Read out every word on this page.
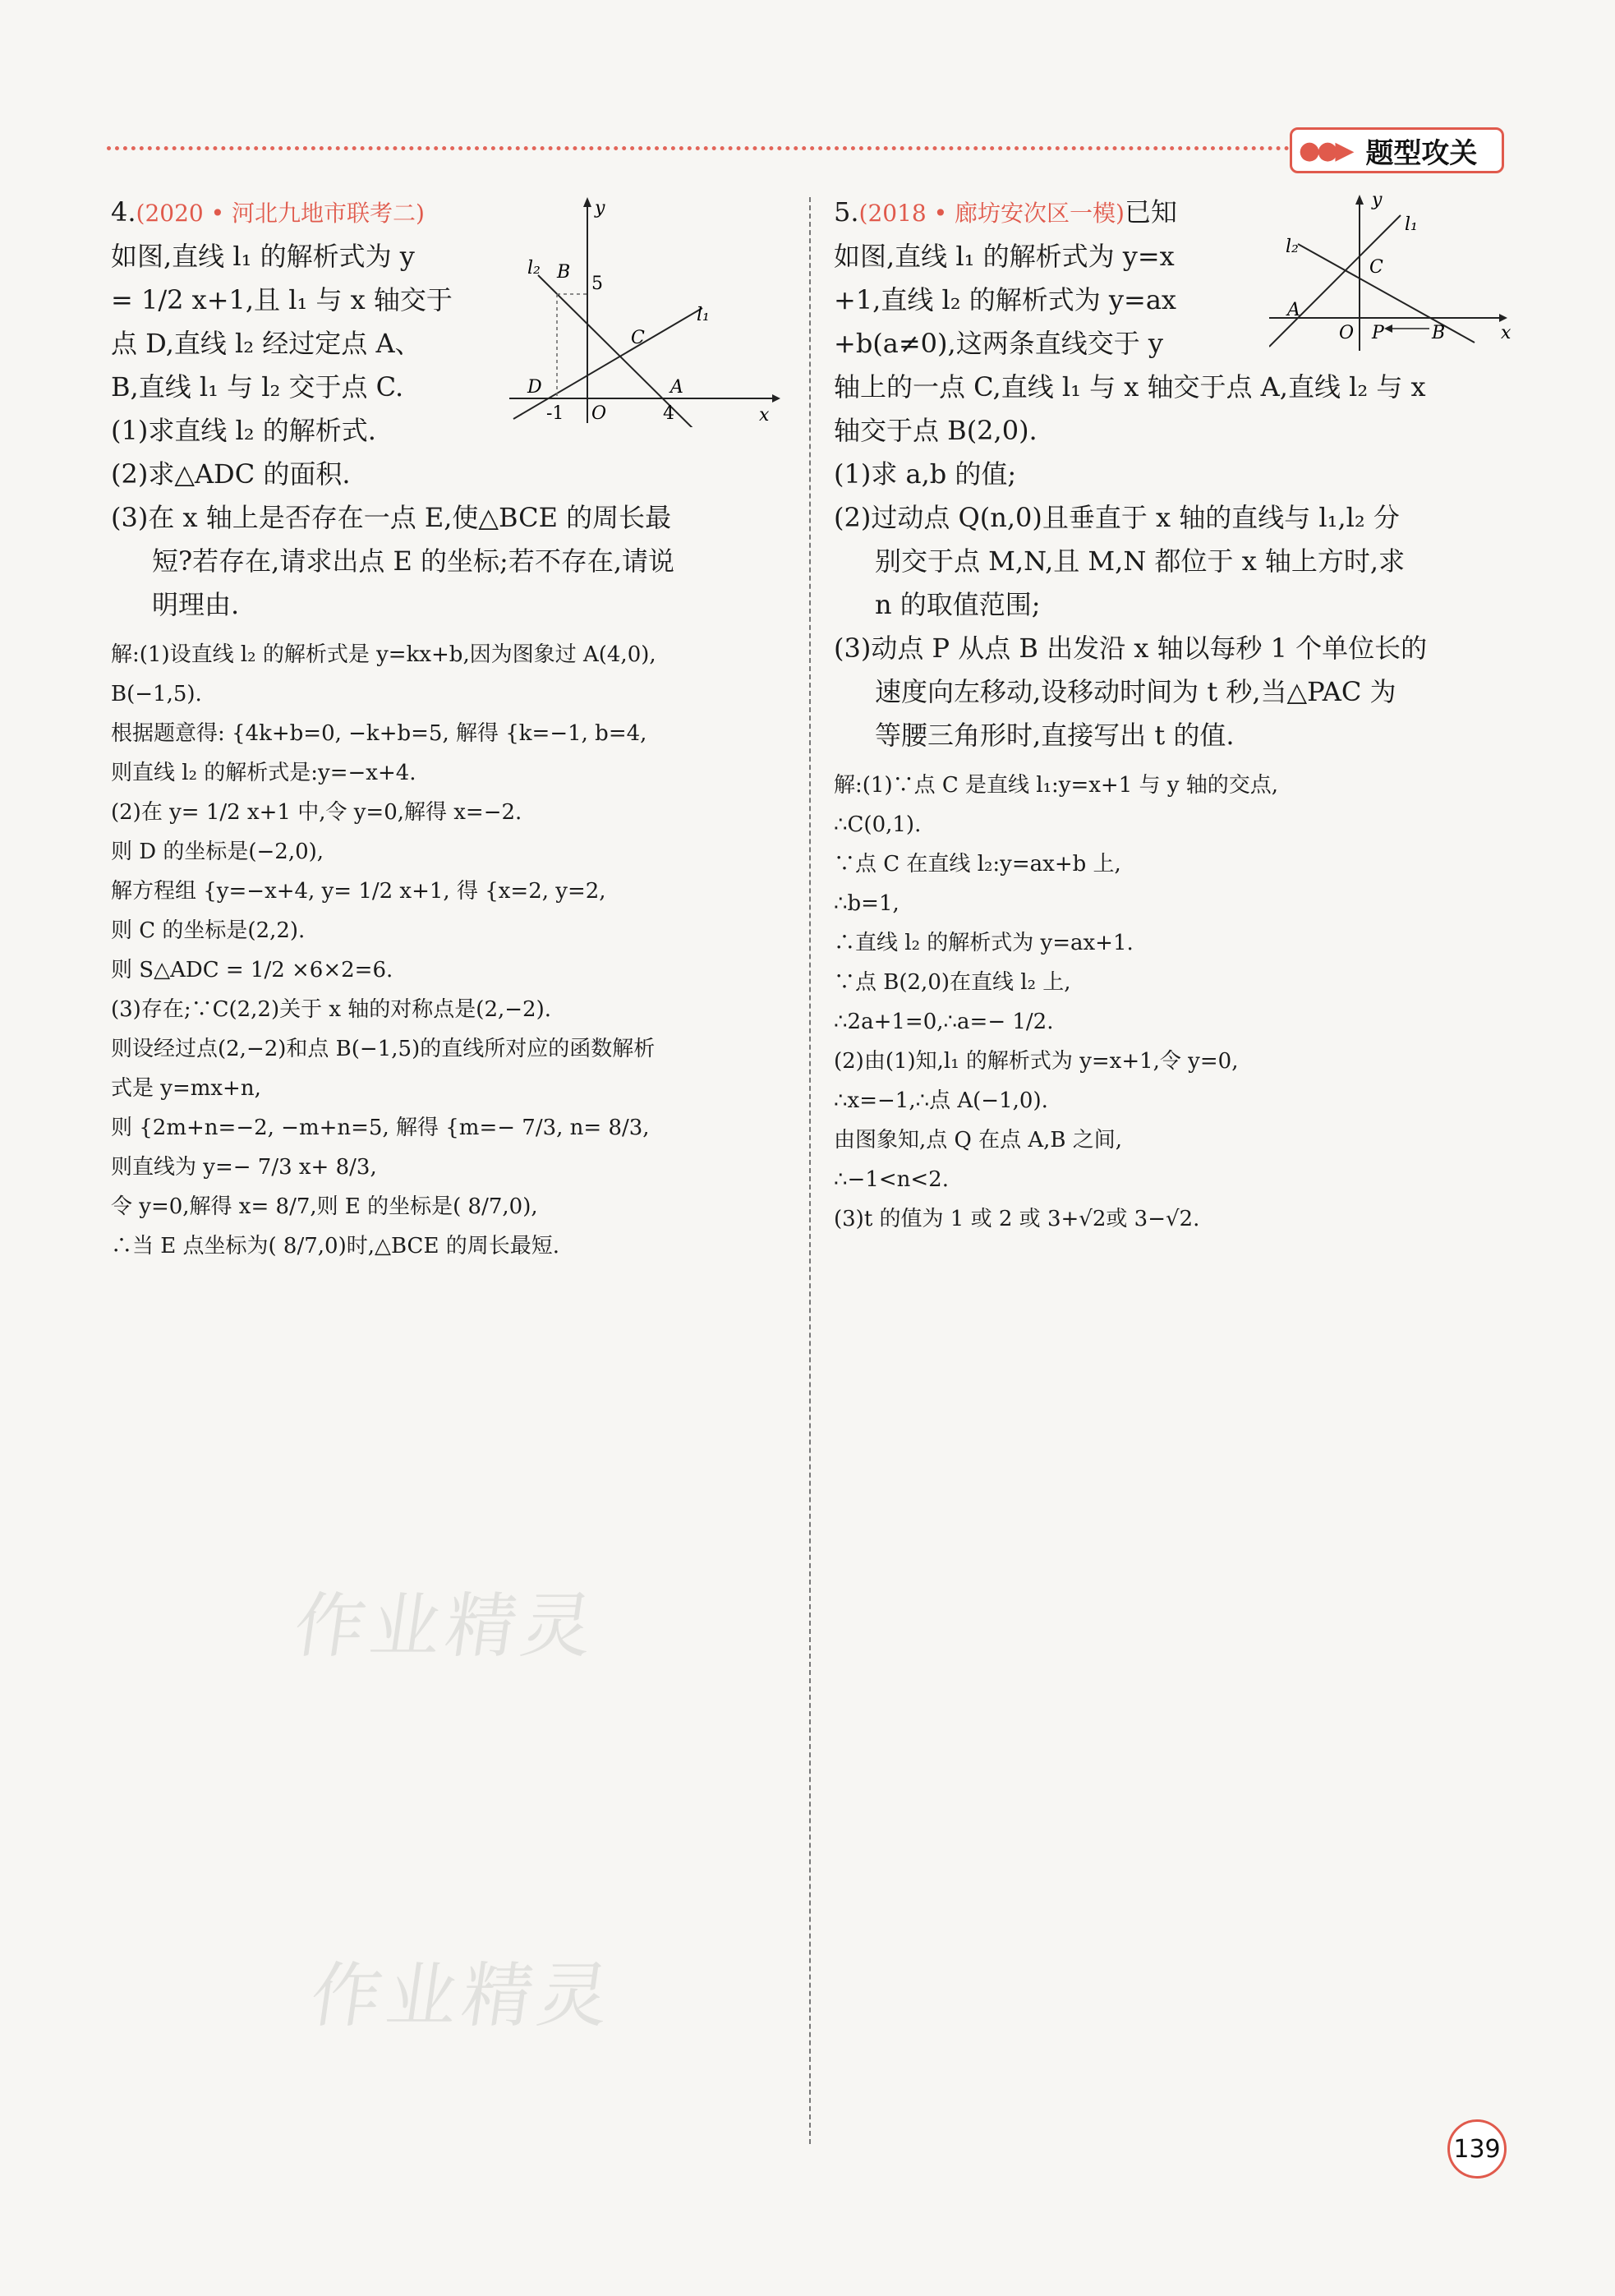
●●▶ 题型攻关
4.(2020 • 河北九地市联考二)
如图,直线 l₁ 的解析式为 y
= 1/2 x+1,且 l₁ 与 x 轴交于
点 D,直线 l₂ 经过定点 A、
B,直线 l₁ 与 l₂ 交于点 C.
(1)求直线 l₂ 的解析式.
(2)求△ADC 的面积.
(3)在 x 轴上是否存在一点 E,使△BCE 的周长最
短?若存在,请求出点 E 的坐标;若不存在,请说
明理由.
解:(1)设直线 l₂ 的解析式是 y=kx+b,因为图象过 A(4,0),
B(−1,5).
根据题意得: {4k+b=0, −k+b=5, 解得 {k=−1, b=4,
则直线 l₂ 的解析式是:y=−x+4.
(2)在 y= 1/2 x+1 中,令 y=0,解得 x=−2.
则 D 的坐标是(−2,0),
解方程组 {y=−x+4, y= 1/2 x+1, 得 {x=2, y=2,
则 C 的坐标是(2,2).
则 S△ADC = 1/2 ×6×2=6.
(3)存在;∵C(2,2)关于 x 轴的对称点是(2,−2).
则设经过点(2,−2)和点 B(−1,5)的直线所对应的函数解析
式是 y=mx+n,
则 {2m+n=−2, −m+n=5, 解得 {m=− 7/3, n= 8/3,
则直线为 y=− 7/3 x+ 8/3,
令 y=0,解得 x= 8/7,则 E 的坐标是( 8/7,0),
∴当 E 点坐标为( 8/7,0)时,△BCE 的周长最短.
l₂ B
5
C
l₁
D	A
-1 O	4	x
y	5.(2018 • 廊坊安次区一模)已知
如图,直线 l₁ 的解析式为 y=x
+1,直线 l₂ 的解析式为 y=ax
+b(a≠0),这两条直线交于 y
轴上的一点 C,直线 l₁ 与 x 轴交于点 A,直线 l₂ 与 x
轴交于点 B(2,0).
(1)求 a,b 的值;
(2)过动点 Q(n,0)且垂直于 x 轴的直线与 l₁,l₂ 分
别交于点 M,N,且 M,N 都位于 x 轴上方时,求
n 的取值范围;
(3)动点 P 从点 B 出发沿 x 轴以每秒 1 个单位长的
速度向左移动,设移动时间为 t 秒,当△PAC 为
等腰三角形时,直接写出 t 的值.
解:(1)∵点 C 是直线 l₁:y=x+1 与 y 轴的交点,
∴C(0,1).
∵点 C 在直线 l₂:y=ax+b 上,
∴b=1,
∴直线 l₂ 的解析式为 y=ax+1.
∵点 B(2,0)在直线 l₂ 上,
∴2a+1=0,∴a=− 1/2.
(2)由(1)知,l₁ 的解析式为 y=x+1,令 y=0,
∴x=−1,∴点 A(−1,0).
由图象知,点 Q 在点 A,B 之间,
∴−1<n<2.
(3)t 的值为 1 或 2 或 3+√2或 3−√2.
y
l₁
l₂
C
A
O P	B	x
作业精灵
作业精灵
139
